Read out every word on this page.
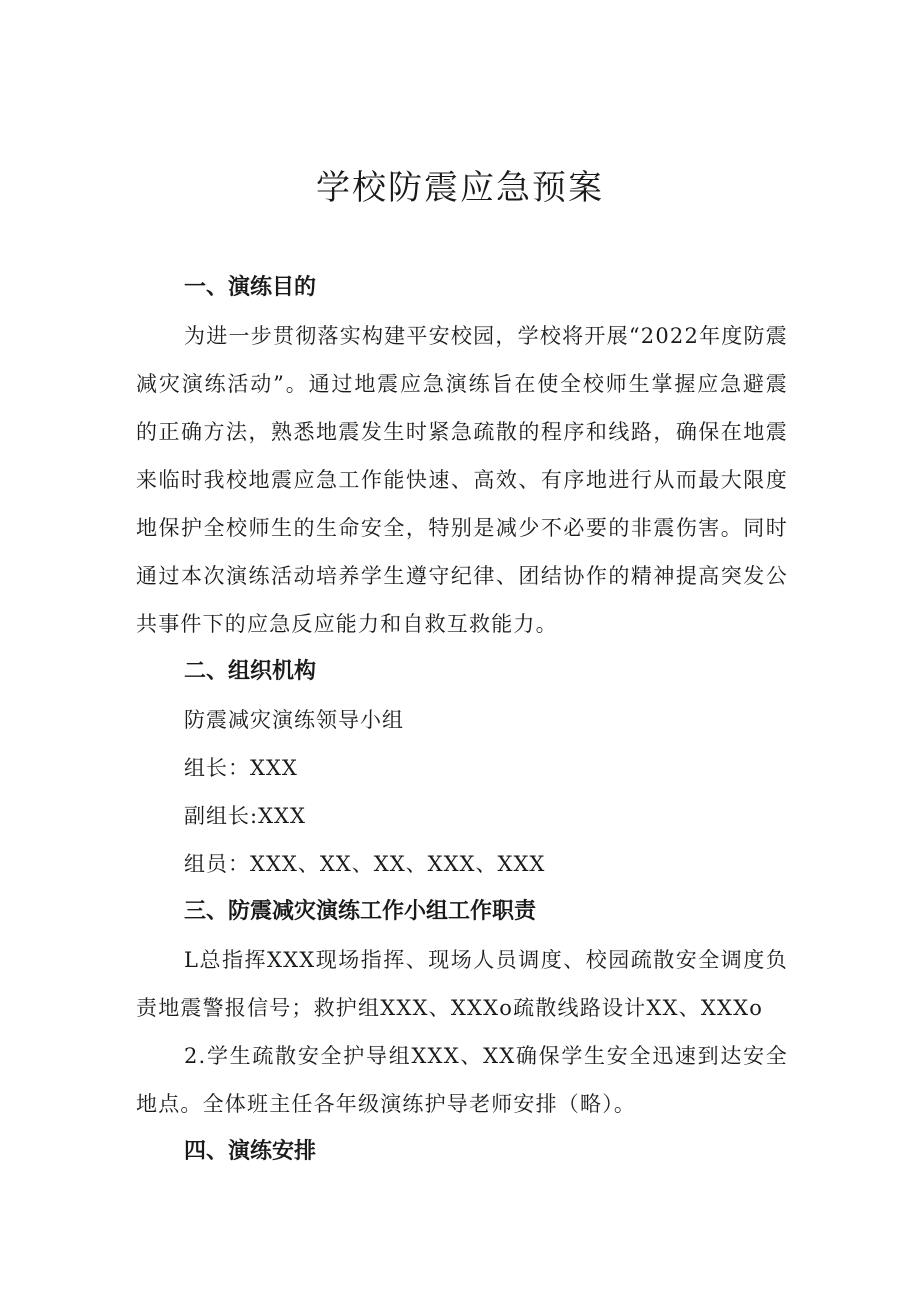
学校防震应急预案
一、演练目的

为进一步贯彻落实构建平安校园，学校将开展“2022年度防震减灾演练活动”。通过地震应急演练旨在使全校师生掌握应急避震的正确方法，熟悉地震发生时紧急疏散的程序和线路，确保在地震来临时我校地震应急工作能快速、高效、有序地进行从而最大限度地保护全校师生的生命安全，特别是减少不必要的非震伤害。同时通过本次演练活动培养学生遵守纪律、团结协作的精神提高突发公共事件下的应急反应能力和自救互救能力。

二、组织机构

防震减灾演练领导小组

组长：XXX

副组长:XXX

组员：XXX、XX、XX、XXX、XXX

三、防震减灾演练工作小组工作职责

L总指挥XXX现场指挥、现场人员调度、校园疏散安全调度负责地震警报信号；救护组XXX、XXXo疏散线路设计XX、XXXo

2.学生疏散安全护导组XXX、XX确保学生安全迅速到达安全地点。全体班主任各年级演练护导老师安排（略）。

四、演练安排
